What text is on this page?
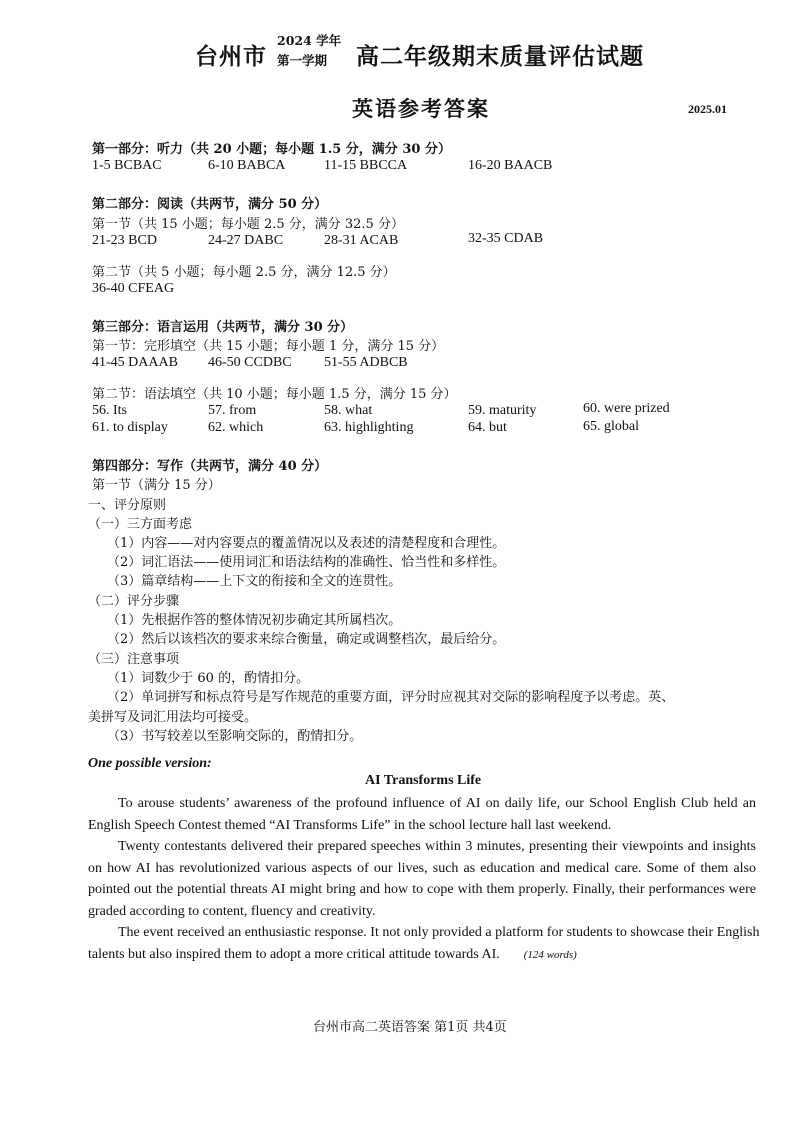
台州市
2024 学年
第一学期 高二年级期末质量评估试题
英语参考答案	2025.01
第一部分：听力（共 20 小题；每小题 1.5 分，满分 30 分）
1-5 BCBAC	6-10 BABCA	11-15 BBCCA	16-20 BAACB
第二部分：阅读（共两节，满分 50 分）
第一节（共 15 小题；每小题 2.5 分，满分 32.5 分）
21-23 BCD	24-27 DABC	28-31 ACAB	32-35 CDAB
第二节（共 5 小题；每小题 2.5 分，满分 12.5 分）
36-40 CFEAG
第三部分：语言运用（共两节，满分 30 分）
第一节：完形填空（共 15 小题；每小题 1 分，满分 15 分）
41-45 DAAAB 46-50 CCDBC 51-55 ADBCB
第二节：语法填空（共 10 小题；每小题 1.5 分，满分 15 分）
56. Its	57. from	58. what	59. maturity	60. were prized
61. to display	62. which	63. highlighting	64. but	65. global
第四部分：写作（共两节，满分 40 分）
第一节（满分 15 分）
一、评分原则
（一）三方面考虑
（1）内容——对内容要点的覆盖情况以及表述的清楚程度和合理性。
（2）词汇语法——使用词汇和语法结构的准确性、恰当性和多样性。
（3）篇章结构——上下文的衔接和全文的连贯性。
（二）评分步骤
（1）先根据作答的整体情况初步确定其所属档次。
（2）然后以该档次的要求来综合衡量，确定或调整档次，最后给分。
（三）注意事项
（1）词数少于 60 的，酌情扣分。
（2）单词拼写和标点符号是写作规范的重要方面，评分时应视其对交际的影响程度予以考虑。英、
美拼写及词汇用法均可接受。
（3）书写较差以至影响交际的，酌情扣分。
One possible version:
AI Transforms Life
To arouse students’ awareness of the profound influence of AI on daily life, our School English Club held an English Speech Contest themed “AI Transforms Life” in the school lecture hall last weekend.
Twenty contestants delivered their prepared speeches within 3 minutes, presenting their viewpoints and insights on how AI has revolutionized various aspects of our lives, such as education and medical care. Some of them also pointed out the potential threats AI might bring and how to cope with them properly. Finally, their performances were graded according to content, fluency and creativity.
The event received an enthusiastic response. It not only provided a platform for students to showcase their English talents but also inspired them to adopt a more critical attitude towards AI. (124 words)
台州市高二英语答案 第1页 共4页
